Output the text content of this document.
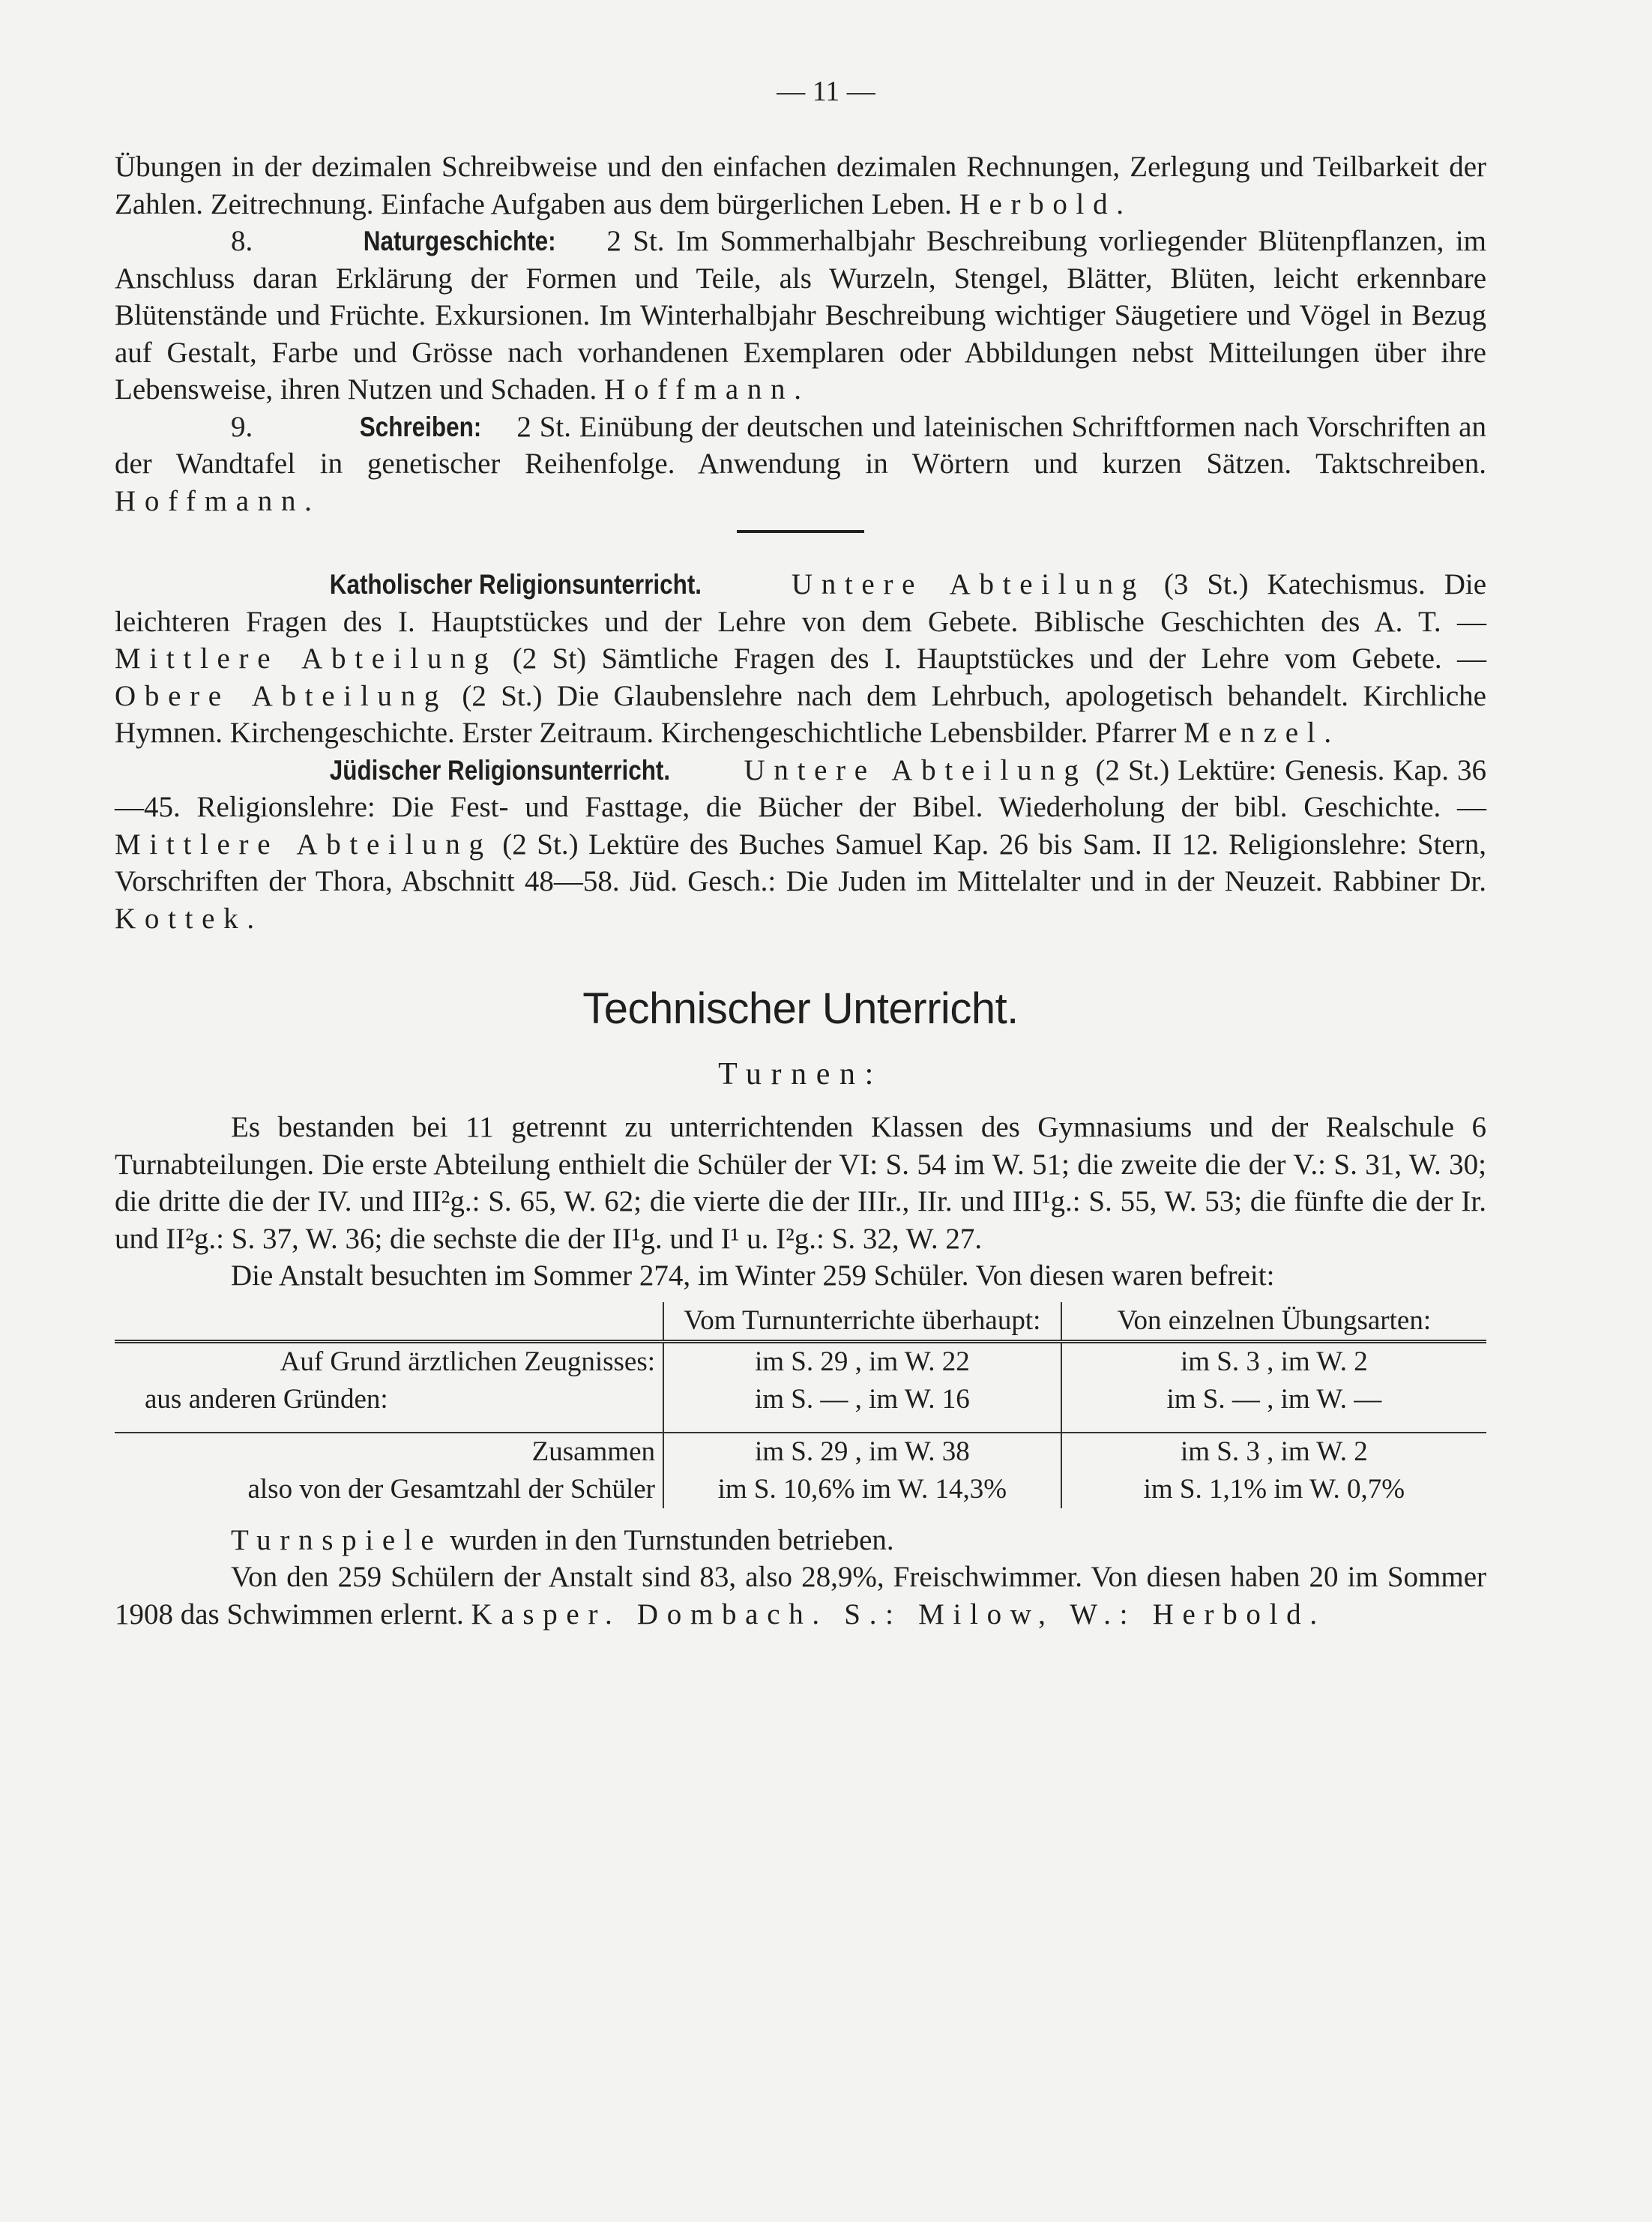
— 11 —

Übungen in der dezimalen Schreibweise und den einfachen dezimalen Rechnungen, Zerlegung und Teilbarkeit der Zahlen. Zeitrechnung. Einfache Aufgaben aus dem bürgerlichen Leben. Herbold.

8.	Naturgeschichte: 2 St. Im Sommerhalbjahr Beschreibung vorliegender Blütenpflanzen, im Anschluss daran Erklärung der Formen und Teile, als Wurzeln, Stengel, Blätter, Blüten, leicht erkennbare Blütenstände und Früchte. Exkursionen. Im Winterhalbjahr Beschreibung wichtiger Säugetiere und Vögel in Bezug auf Gestalt, Farbe und Grösse nach vorhandenen Exemplaren oder Abbildungen nebst Mitteilungen über ihre Lebensweise, ihren Nutzen und Schaden. Hoffmann.

9.	Schreiben: 2 St. Einübung der deutschen und lateinischen Schriftformen nach Vorschriften an der Wandtafel in genetischer Reihenfolge. Anwendung in Wörtern und kurzen Sätzen. Taktschreiben. Hoffmann.

Katholischer Religionsunterricht.	Untere Abteilung (3 St.) Katechismus. Die leichteren Fragen des I. Hauptstückes und der Lehre von dem Gebete. Biblische Geschichten des A. T. — Mittlere Abteilung (2 St) Sämtliche Fragen des I. Hauptstückes und der Lehre vom Gebete. — Obere Abteilung (2 St.) Die Glaubenslehre nach dem Lehrbuch, apologetisch behandelt. Kirchliche Hymnen. Kirchengeschichte. Erster Zeitraum. Kirchengeschichtliche Lebensbilder. Pfarrer Menzel.

Jüdischer Religionsunterricht.	Untere Abteilung (2 St.) Lektüre: Genesis. Kap. 36—45. Religionslehre: Die Fest- und Fasttage, die Bücher der Bibel. Wiederholung der bibl. Geschichte. — Mittlere Abteilung (2 St.) Lektüre des Buches Samuel Kap. 26 bis Sam. II 12. Religionslehre: Stern, Vorschriften der Thora, Abschnitt 48—58. Jüd. Gesch.: Die Juden im Mittelalter und in der Neuzeit. Rabbiner Dr. Kottek.

Technischer Unterricht.
Turnen:

Es bestanden bei 11 getrennt zu unterrichtenden Klassen des Gymnasiums und der Realschule 6 Turnabteilungen. Die erste Abteilung enthielt die Schüler der VI: S. 54 im W. 51; die zweite die der V.: S. 31, W. 30; die dritte die der IV. und III²g.: S. 65, W. 62; die vierte die der IIIr., IIr. und III¹g.: S. 55, W. 53; die fünfte die der Ir. und II²g.: S. 37, W. 36; die sechste die der II¹g. und I¹ u. I²g.: S. 32, W. 27.

Die Anstalt besuchten im Sommer 274, im Winter 259 Schüler. Von diesen waren befreit:

	Vom Turnunterrichte überhaupt:	Von einzelnen Übungsarten:
Auf Grund ärztlichen Zeugnisses:	im S. 29 , im W. 22	im S. 3 , im W. 2
aus anderen Gründen:	im S. — , im W. 16	im S. — , im W. —

Zusammen	im S. 29 , im W. 38	im S. 3 , im W. 2
also von der Gesamtzahl der Schüler	im S. 10,6% im W. 14,3%	im S. 1,1% im W. 0,7%

Turnspiele wurden in den Turnstunden betrieben.

Von den 259 Schülern der Anstalt sind 83, also 28,9%, Freischwimmer. Von diesen haben 20 im Sommer 1908 das Schwimmen erlernt. Kasper. Dombach. S.: Milow, W.: Herbold.
